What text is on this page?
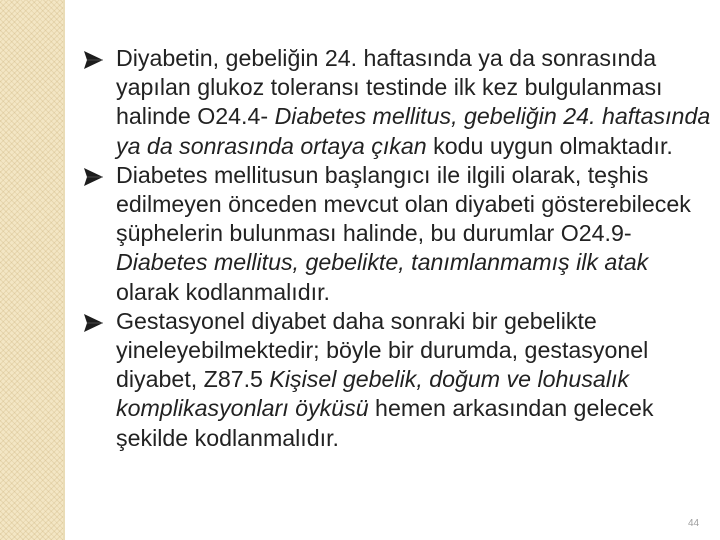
Diyabetin, gebeliğin 24. haftasında ya da sonrasında yapılan glukoz toleransı testinde ilk kez bulgulanması halinde O24.4- Diabetes mellitus, gebeliğin 24. haftasında ya da sonrasında ortaya çıkan kodu uygun olmaktadır.
Diabetes mellitusun başlangıcı ile ilgili olarak, teşhis edilmeyen önceden mevcut olan diyabeti gösterebilecek şüphelerin bulunması halinde, bu durumlar O24.9- Diabetes mellitus, gebelikte, tanımlanmamış ilk atak olarak kodlanmalıdır.
Gestasyonel diyabet daha sonraki bir gebelikte yineleyebilmektedir; böyle bir durumda, gestasyonel diyabet, Z87.5 Kişisel gebelik, doğum ve lohusalık komplikasyonları öyküsü hemen arkasından gelecek şekilde kodlanmalıdır.
44
